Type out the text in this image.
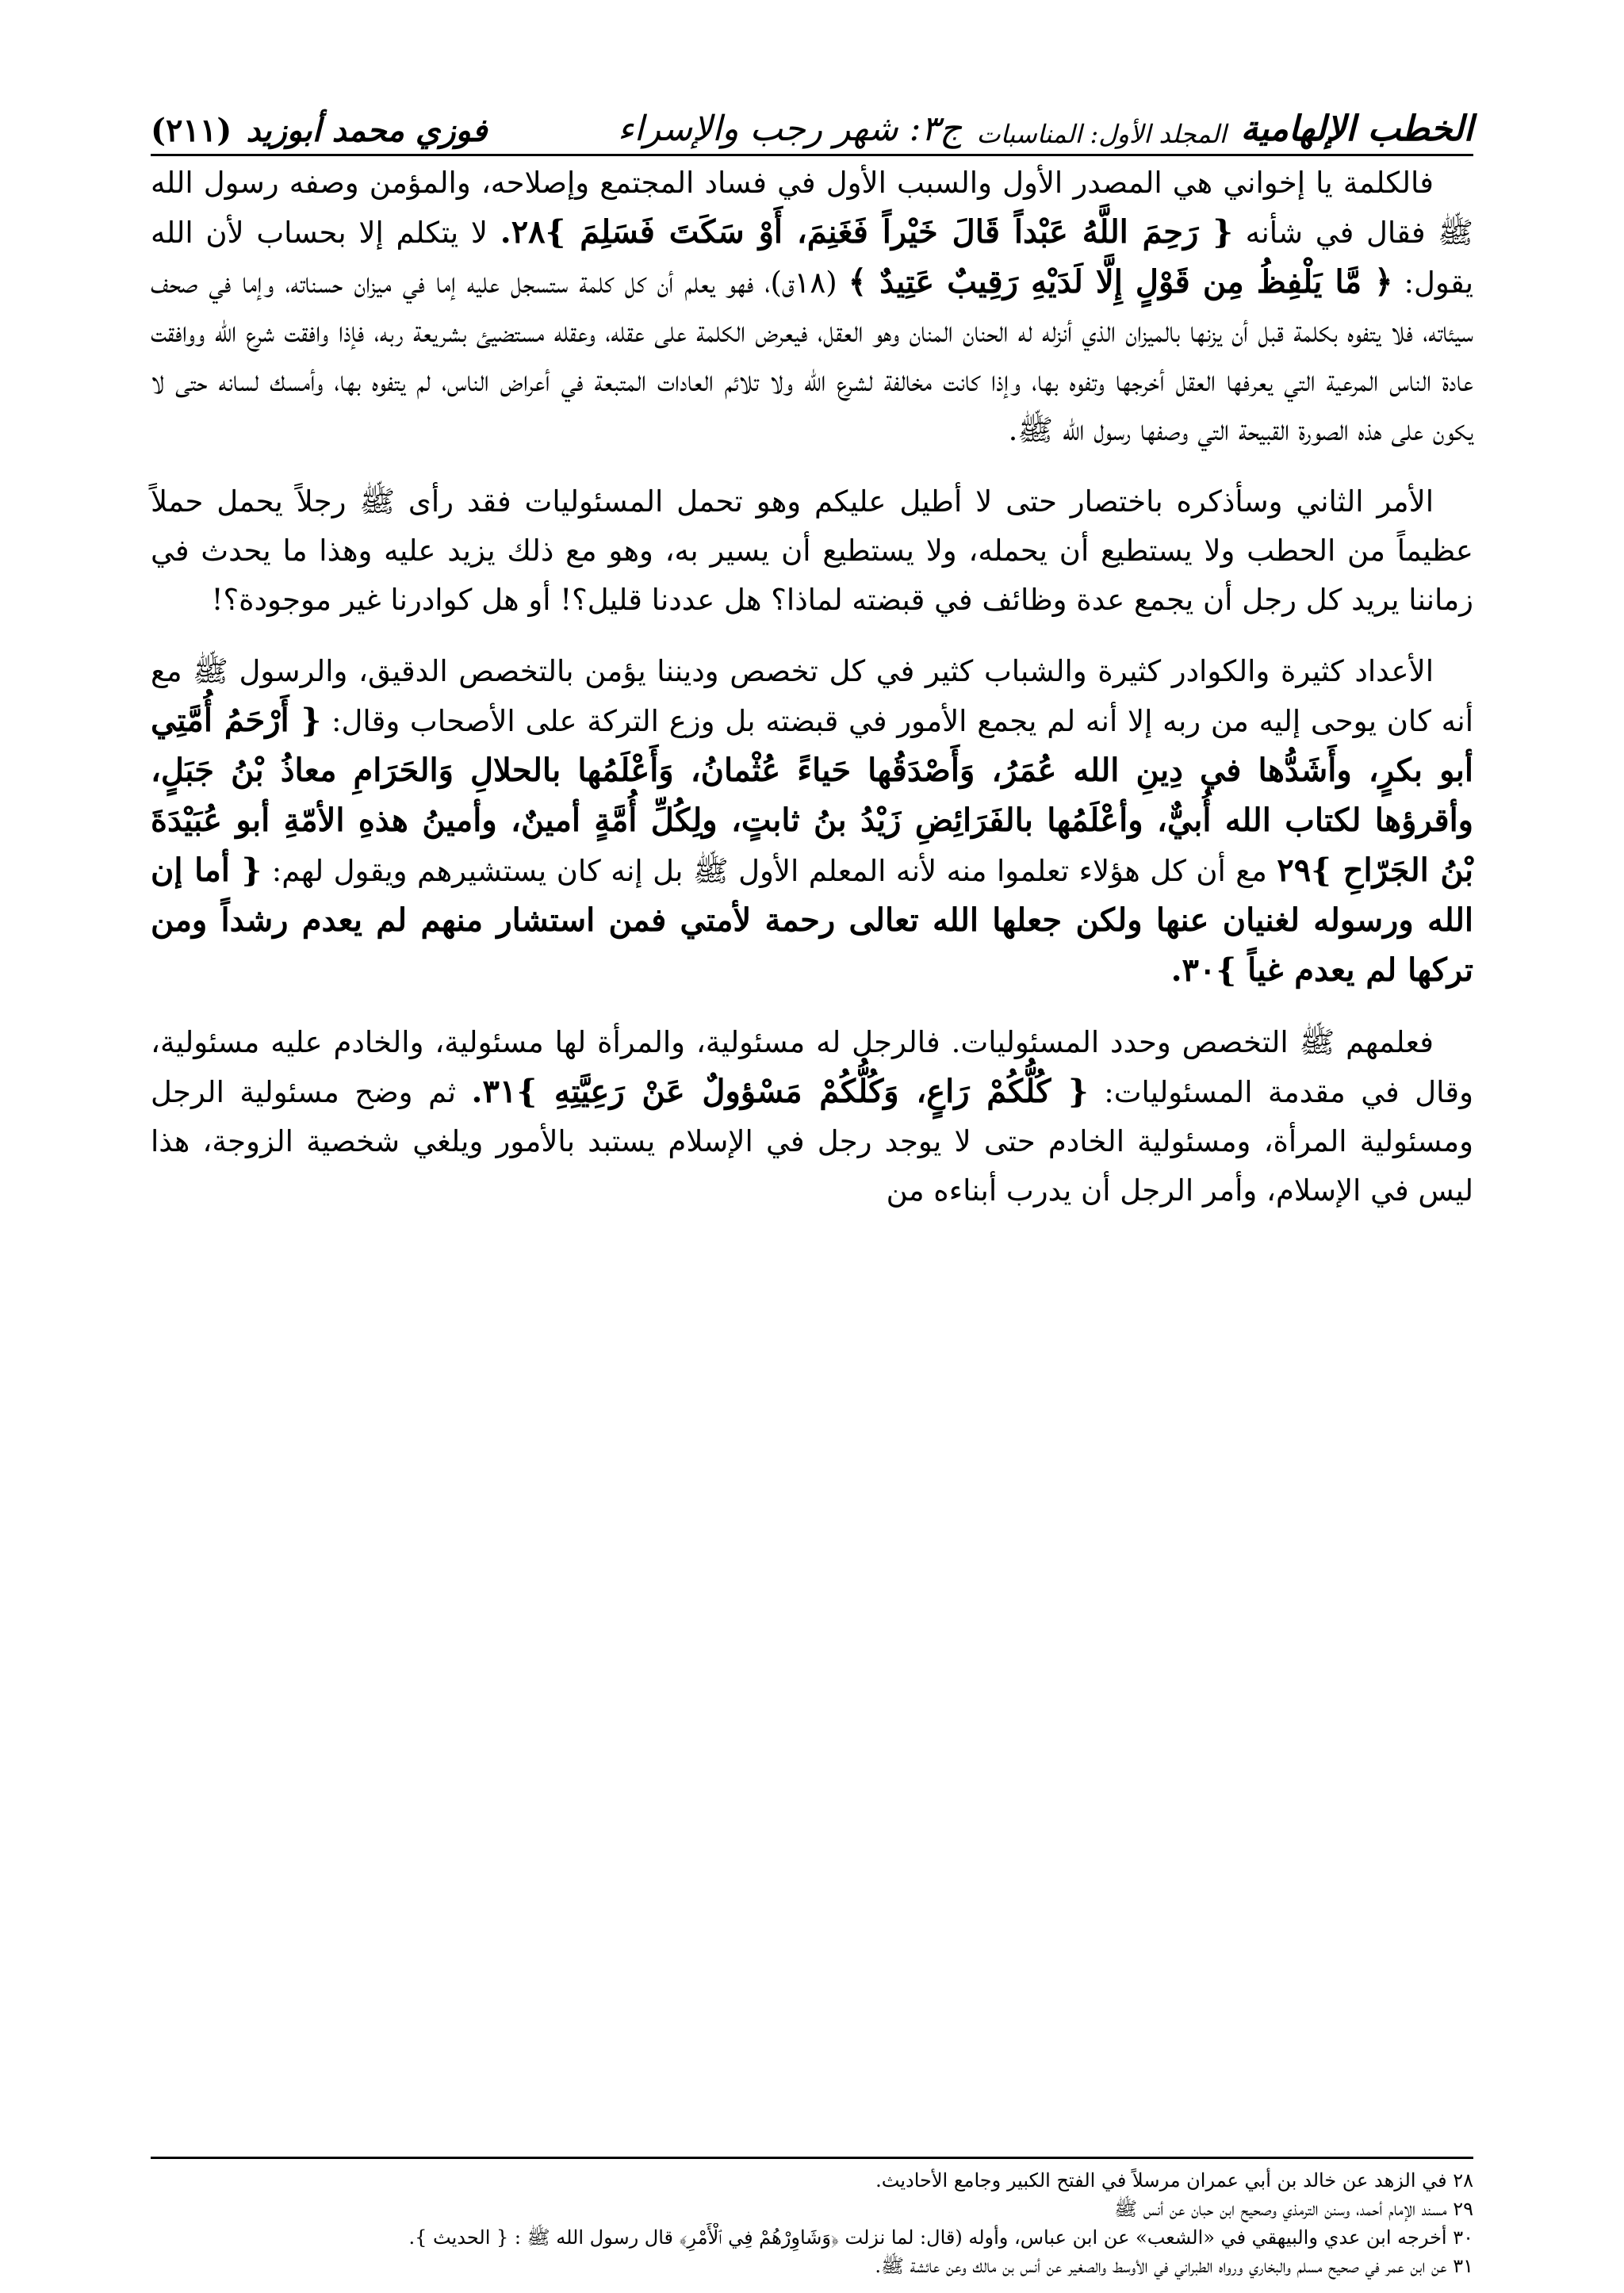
الخطب الإلهامية
المجلد الأول: المناسبات
ج٣: شهر رجب والإسراء
فوزي محمد أبوزيد
(٢١١)

فالكلمة يا إخواني هي المصدر الأول والسبب الأول في فساد المجتمع وإصلاحه، والمؤمن وصفه رسول الله ﷺ فقال في شأنه { رَحِمَ اللَّهُ عَبْداً قَالَ خَيْراً فَغَنِمَ، أَوْ سَكَتَ فَسَلِمَ }٢٨. لا يتكلم إلا بحساب لأن الله يقول: ﴿ مَّا يَلْفِظُ مِن قَوْلٍ إِلَّا لَدَيْهِ رَقِيبٌ عَتِيدٌ ﴾ (١٨ق)، فهو يعلم أن كل كلمة ستسجل عليه إما في ميزان حسناته، وإما في صحف سيئاته، فلا يتفوه بكلمة قبل أن يزنها بالميزان الذي أنزله له الحنان المنان وهو العقل، فيعرض الكلمة على عقله، وعقله مستضيئ بشريعة ربه، فإذا وافقت شرع الله ووافقت عادة الناس المرعية التي يعرفها العقل أخرجها وتفوه بها، وإذا كانت مخالفة لشرع الله ولا تلائم العادات المتبعة في أعراض الناس، لم يتفوه بها، وأمسك لسانه حتى لا يكون على هذه الصورة القبيحة التي وصفها رسول الله ﷺ.

الأمر الثاني وسأذكره باختصار حتى لا أطيل عليكم وهو تحمل المسئوليات فقد رأى ﷺ رجلاً يحمل حملاً عظيماً من الحطب ولا يستطيع أن يحمله، ولا يستطيع أن يسير به، وهو مع ذلك يزيد عليه وهذا ما يحدث في زماننا يريد كل رجل أن يجمع عدة وظائف في قبضته لماذا؟ هل عددنا قليل؟! أو هل كوادرنا غير موجودة؟!

الأعداد كثيرة والكوادر كثيرة والشباب كثير في كل تخصص وديننا يؤمن بالتخصص الدقيق، والرسول ﷺ مع أنه كان يوحى إليه من ربه إلا أنه لم يجمع الأمور في قبضته بل وزع التركة على الأصحاب وقال: { أَرْحَمُ أُمَّتِي أبو بكرٍ، وأَشَدُّها في دِينِ الله عُمَرُ، وَأَصْدَقُها حَياءً عُثْمانُ، وَأَعْلَمُها بالحلالِ وَالحَرَامِ معاذُ بْنُ جَبَلٍ، وأقرؤها لكتاب الله أُبيٌّ، وأعْلَمُها بالفَرَائِضِ زَيْدُ بنُ ثابتٍ، ولِكُلِّ أُمَّةٍ أمينٌ، وأمينُ هذهِ الأمّةِ أبو عُبَيْدَةَ بْنُ الجَرّاحِ }٢٩ مع أن كل هؤلاء تعلموا منه لأنه المعلم الأول ﷺ بل إنه كان يستشيرهم ويقول لهم: { أما إن الله ورسوله لغنيان عنها ولكن جعلها الله تعالى رحمة لأمتي فمن استشار منهم لم يعدم رشداً ومن تركها لم يعدم غياً }٣٠.

فعلمهم ﷺ التخصص وحدد المسئوليات. فالرجل له مسئولية، والمرأة لها مسئولية، والخادم عليه مسئولية، وقال في مقدمة المسئوليات: { كُلُّكُمْ رَاعٍ، وَكُلُّكُمْ مَسْؤولٌ عَنْ رَعِيَّتِهِ }٣١. ثم وضح مسئولية الرجل ومسئولية المرأة، ومسئولية الخادم حتى لا يوجد رجل في الإسلام يستبد بالأمور ويلغي شخصية الزوجة، هذا ليس في الإسلام، وأمر الرجل أن يدرب أبناءه من

٢٨ في الزهد عن خالد بن أبي عمران مرسلاً في الفتح الكبير وجامع الأحاديث.
٢٩ مسند الإمام أحمد، وسنن الترمذي وصحيح ابن حبان عن أنس ﷺ
٣٠ أخرجه ابن عدي والبيهقي في «الشعب» عن ابن عباس، وأوله (قال: لما نزلت ﴿وَشَاوِرْهُمْ فِي ٱلْأَمْرِ﴾ قال رسول الله ﷺ : { الحديث }.
٣١ عن ابن عمر في صحيح مسلم والبخاري ورواه الطبراني في الأوسط والصغير عن أنس بن مالك وعن عائشة ﷺ.
